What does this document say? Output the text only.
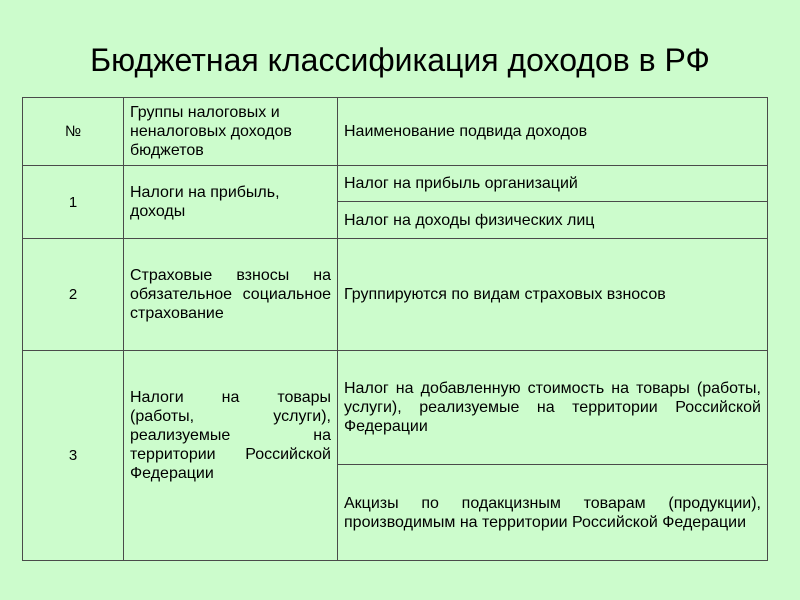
Бюджетная классификация доходов в РФ
№	Группы налоговых и неналоговых доходов бюджетов	Наименование подвида доходов
1	Налоги на прибыль, доходы	Налог на прибыль организаций
		Налог на доходы физических лиц
2	Страховые взносы на обязательное социальное страхование	Группируются по видам страховых взносов
3	Налоги на товары (работы, услуги), реализуемые на территории Российской Федерации	Налог на добавленную стоимость на товары (работы, услуги), реализуемые на территории Российской Федерации
		Акцизы по подакцизным товарам (продукции), производимым на территории Российской Федерации
